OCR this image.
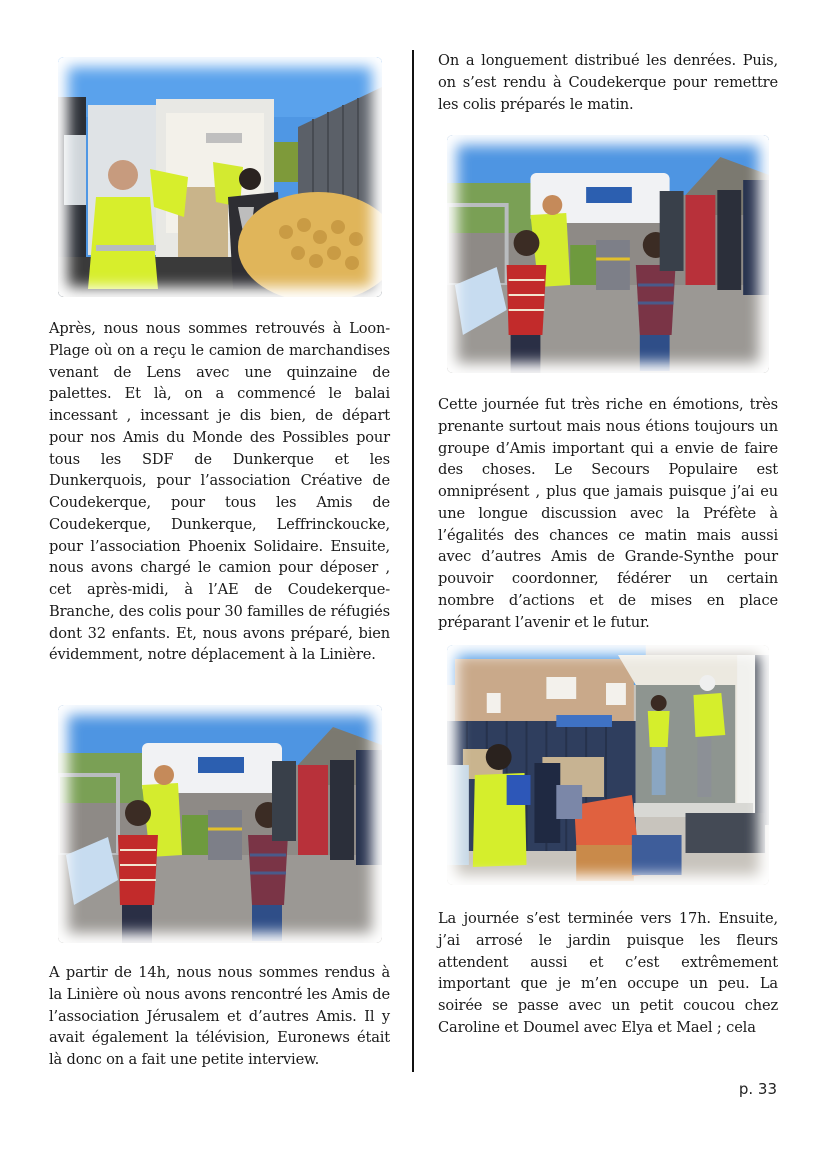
Après, nous nous sommes retrouvés à Loon-Plage où on a reçu le camion de marchandises venant de Lens avec une quinzaine de palettes. Et là, on a commencé le balai incessant , incessant je dis bien, de départ pour nos Amis du Monde des Possibles pour tous les SDF de Dunkerque et les Dunkerquois, pour l’association Créative de Coudekerque, pour tous les Amis de Coudekerque, Dunkerque, Leffrinckoucke, pour l’association Phoenix Solidaire. Ensuite, nous avons chargé le camion pour déposer , cet après-midi, à l’AE de Coudekerque-Branche, des colis pour 30 familles de réfugiés dont 32 enfants. Et, nous avons préparé, bien évidemment, notre déplacement à la Linière.

A partir de 14h, nous nous sommes rendus à la Linière où nous avons rencontré les Amis de l’association Jérusalem et d’autres Amis. Il y avait également la télévision, Euronews était là donc on a fait une petite interview.

On a longuement distribué les denrées. Puis, on s’est rendu à Coudekerque pour remettre les colis préparés le matin.

Cette journée fut très riche en émotions, très prenante surtout mais nous étions toujours un groupe d’Amis important qui a envie de faire des choses. Le Secours Populaire est omniprésent , plus que jamais puisque j’ai eu une longue discussion avec la Préfète à l’égalités des chances ce matin mais aussi avec d’autres Amis de Grande-Synthe pour pouvoir coordonner, fédérer un certain nombre d’actions et de mises en place préparant l’avenir et le futur.

La journée s’est terminée vers 17h. Ensuite, j’ai arrosé le jardin puisque les fleurs attendent aussi et c’est extrêmement important que je m’en occupe un peu. La soirée se passe avec un petit coucou chez Caroline et Doumel avec Elya et Mael ; cela

p. 33
